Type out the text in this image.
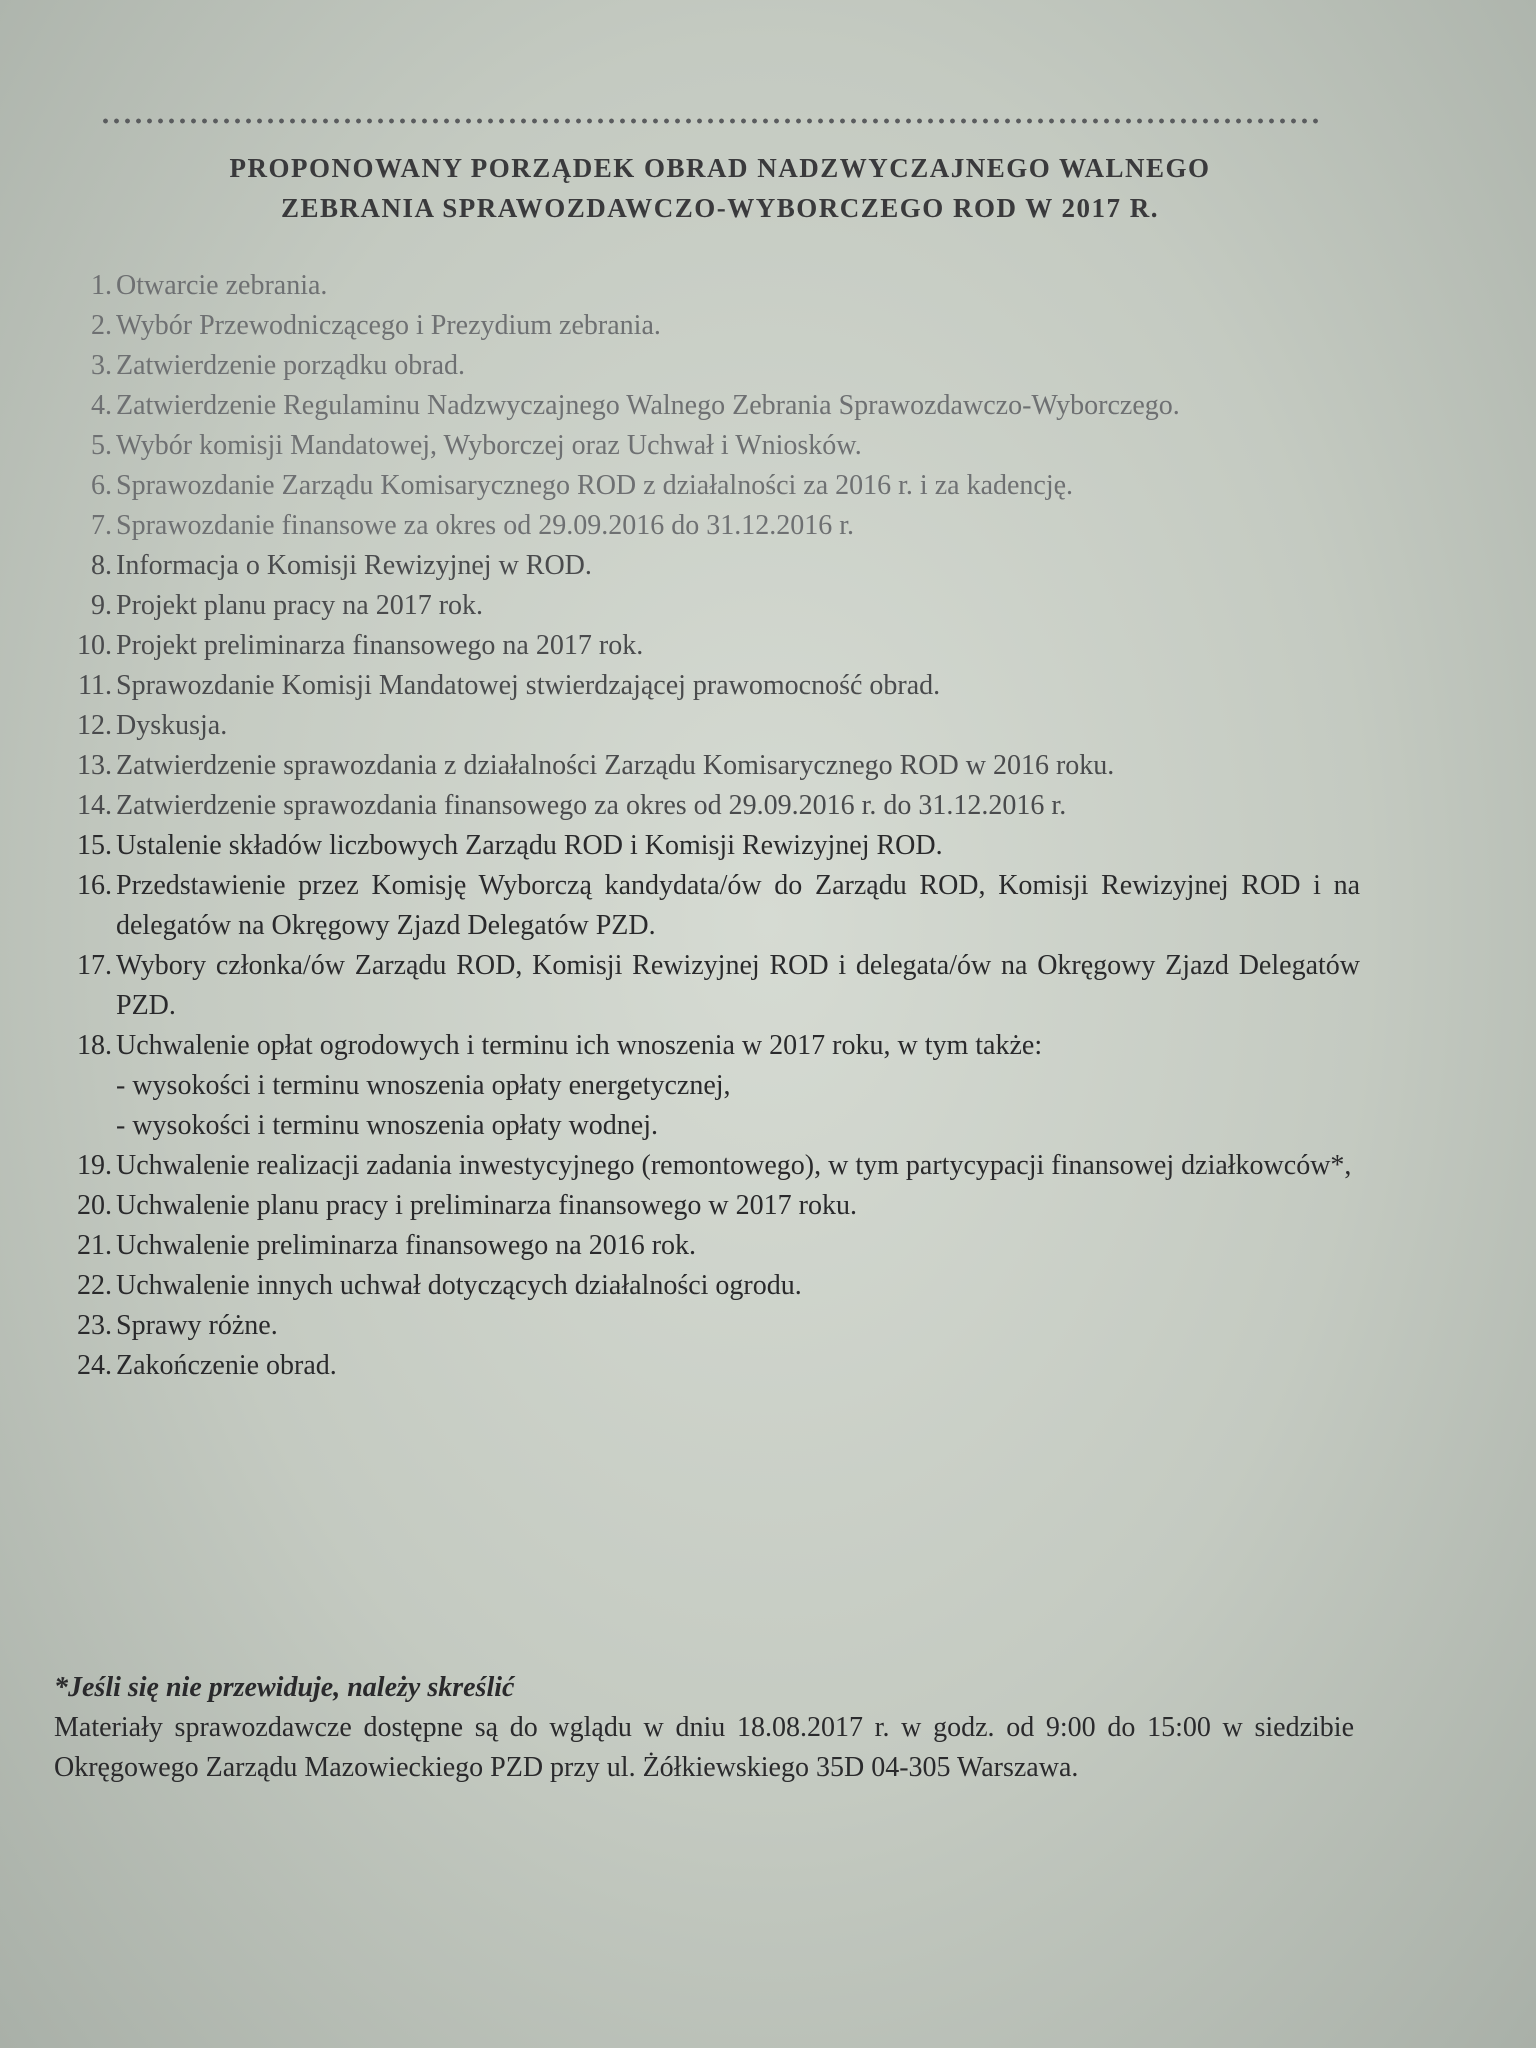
PROPONOWANY PORZĄDEK OBRAD NADZWYCZAJNEGO WALNEGO
ZEBRANIA SPRAWOZDAWCZO-WYBORCZEGO ROD W 2017 R.
1. Otwarcie zebrania.
2. Wybór Przewodniczącego i Prezydium zebrania.
3. Zatwierdzenie porządku obrad.
4. Zatwierdzenie Regulaminu Nadzwyczajnego Walnego Zebrania Sprawozdawczo-Wyborczego.
5. Wybór komisji Mandatowej, Wyborczej oraz Uchwał i Wniosków.
6. Sprawozdanie Zarządu Komisarycznego ROD z działalności za 2016 r. i za kadencję.
7. Sprawozdanie finansowe za okres od 29.09.2016 do 31.12.2016 r.
8. Informacja o Komisji Rewizyjnej w ROD.
9. Projekt planu pracy na 2017 rok.
10. Projekt preliminarza finansowego na 2017 rok.
11. Sprawozdanie Komisji Mandatowej stwierdzającej prawomocność obrad.
12. Dyskusja.
13. Zatwierdzenie sprawozdania z działalności Zarządu Komisarycznego ROD w 2016 roku.
14. Zatwierdzenie sprawozdania finansowego za okres od 29.09.2016 r. do 31.12.2016 r.
15. Ustalenie składów liczbowych Zarządu ROD i Komisji Rewizyjnej ROD.
16. Przedstawienie przez Komisję Wyborczą kandydata/ów do Zarządu ROD, Komisji Rewizyjnej ROD i na delegatów na Okręgowy Zjazd Delegatów PZD.
17. Wybory członka/ów Zarządu ROD, Komisji Rewizyjnej ROD i delegata/ów na Okręgowy Zjazd Delegatów PZD.
18. Uchwalenie opłat ogrodowych i terminu ich wnoszenia w 2017 roku, w tym także:
- wysokości i terminu wnoszenia opłaty energetycznej,
- wysokości i terminu wnoszenia opłaty wodnej.
19. Uchwalenie realizacji zadania inwestycyjnego (remontowego), w tym partycypacji finansowej działkowców*,
20. Uchwalenie planu pracy i preliminarza finansowego w 2017 roku.
21. Uchwalenie preliminarza finansowego na 2016 rok.
22. Uchwalenie innych uchwał dotyczących działalności ogrodu.
23. Sprawy różne.
24. Zakończenie obrad.
*Jeśli się nie przewiduje, należy skreślić
Materiały sprawozdawcze dostępne są do wglądu w dniu 18.08.2017 r. w godz. od 9:00 do 15:00 w siedzibie Okręgowego Zarządu Mazowieckiego PZD przy ul. Żółkiewskiego 35D 04-305 Warszawa.
